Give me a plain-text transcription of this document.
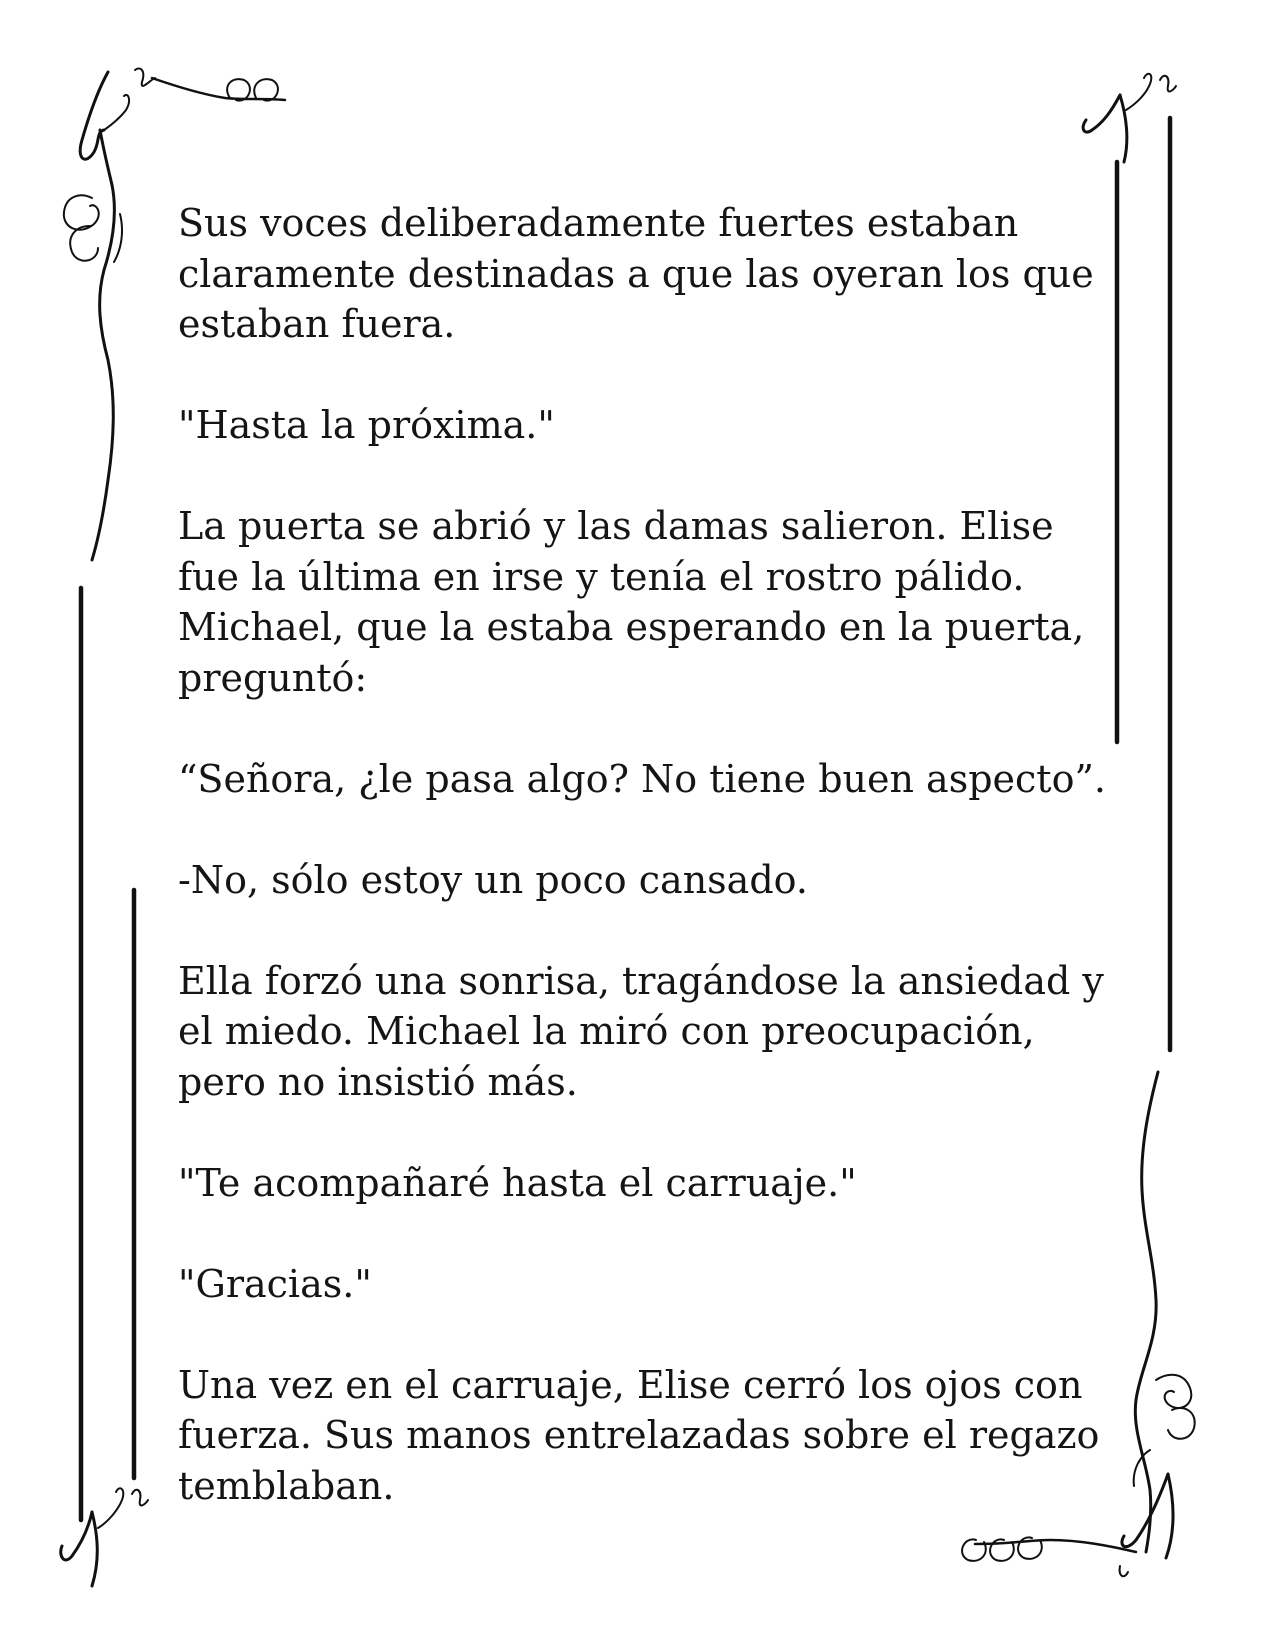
Sus voces deliberadamente fuertes estaban claramente destinadas a que las oyeran los que estaban fuera.

"Hasta la próxima."

La puerta se abrió y las damas salieron. Elise fue la última en irse y tenía el rostro pálido. Michael, que la estaba esperando en la puerta, preguntó:

“Señora, ¿le pasa algo? No tiene buen aspecto”.

-No, sólo estoy un poco cansado.

Ella forzó una sonrisa, tragándose la ansiedad y el miedo. Michael la miró con preocupación, pero no insistió más.

"Te acompañaré hasta el carruaje."

"Gracias."

Una vez en el carruaje, Elise cerró los ojos con fuerza. Sus manos entrelazadas sobre el regazo temblaban.
